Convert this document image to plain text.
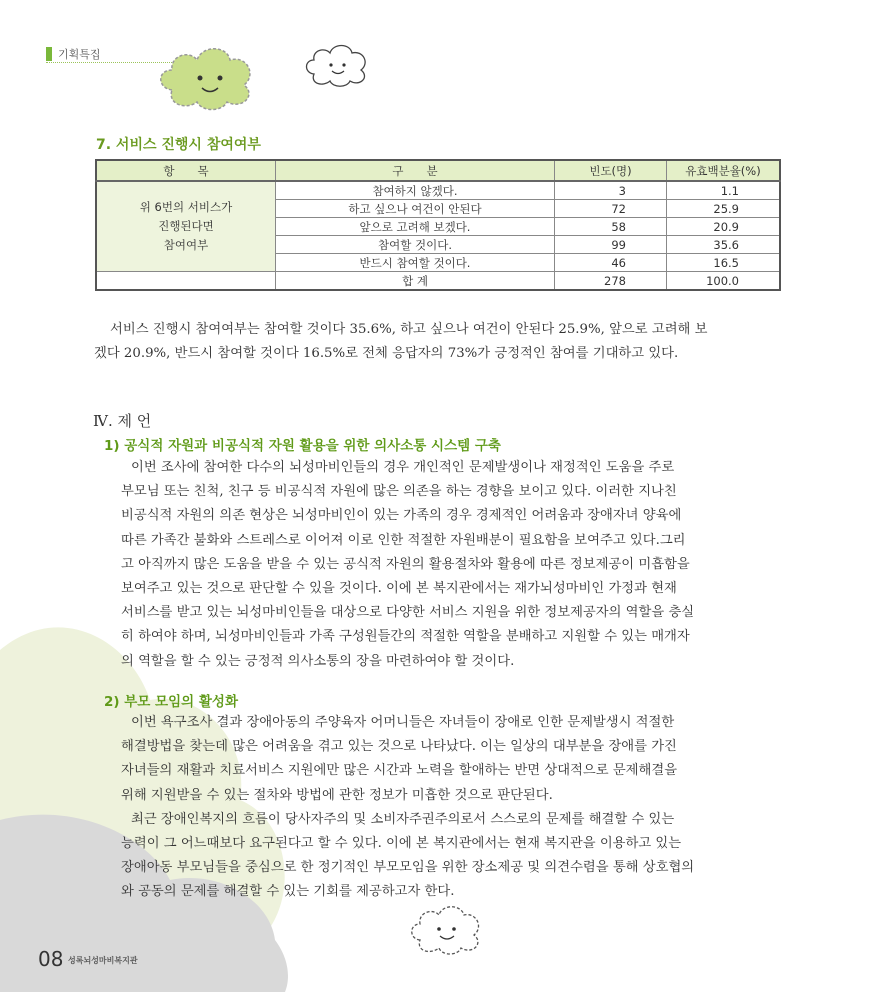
기획특집
7. 서비스 진행시 참여여부
항　　목	구　　분	빈도(명)	유효백분율(%)

위 6번의 서비스가
진행된다면
참여여부	참여하지 않겠다.	3	1.1
	하고 싶으나 여건이 안된다	72	25.9
	앞으로 고려해 보겠다.	58	20.9
	참여할 것이다.	99	35.6
	반드시 참여할 것이다.	46	16.5
	합 계	278	100.0
서비스 진행시 참여여부는 참여할 것이다 35.6%, 하고 싶으나 여건이 안된다 25.9%, 앞으로 고려해 보
겠다 20.9%, 반드시 참여할 것이다 16.5%로 전체 응답자의 73%가 긍정적인 참여를 기대하고 있다.
Ⅳ. 제 언
1) 공식적 자원과 비공식적 자원 활용을 위한 의사소통 시스템 구축
이번 조사에 참여한 다수의 뇌성마비인들의 경우 개인적인 문제발생이나 재정적인 도움을 주로
부모님 또는 친척, 친구 등 비공식적 자원에 많은 의존을 하는 경향을 보이고 있다. 이러한 지나친
비공식적 자원의 의존 현상은 뇌성마비인이 있는 가족의 경우 경제적인 어려움과 장애자녀 양육에
따른 가족간 불화와 스트레스로 이어져 이로 인한 적절한 자원배분이 필요함을 보여주고 있다.그리
고 아직까지 많은 도움을 받을 수 있는 공식적 자원의 활용절차와 활용에 따른 정보제공이 미흡함을
보여주고 있는 것으로 판단할 수 있을 것이다. 이에 본 복지관에서는 재가뇌성마비인 가정과 현재
서비스를 받고 있는 뇌성마비인들을 대상으로 다양한 서비스 지원을 위한 정보제공자의 역할을 충실
히 하여야 하며, 뇌성마비인들과 가족 구성원들간의 적절한 역할을 분배하고 지원할 수 있는 매개자
의 역할을 할 수 있는 긍정적 의사소통의 장을 마련하여야 할 것이다.
2) 부모 모임의 활성화
이번 욕구조사 결과 장애아동의 주양육자 어머니들은 자녀들이 장애로 인한 문제발생시 적절한
해결방법을 찾는데 많은 어려움을 겪고 있는 것으로 나타났다. 이는 일상의 대부분을 장애를 가진
자녀들의 재활과 치료서비스 지원에만 많은 시간과 노력을 할애하는 반면 상대적으로 문제해결을
위해 지원받을 수 있는 절차와 방법에 관한 정보가 미흡한 것으로 판단된다.
최근 장애인복지의 흐름이 당사자주의 및 소비자주권주의로서 스스로의 문제를 해결할 수 있는
능력이 그 어느때보다 요구된다고 할 수 있다. 이에 본 복지관에서는 현재 복지관을 이용하고 있는
장애아동 부모님들을 중심으로 한 정기적인 부모모임을 위한 장소제공 및 의견수렴을 통해 상호협의
와 공동의 문제를 해결할 수 있는 기회를 제공하고자 한다.
08 성록뇌성마비복지관
